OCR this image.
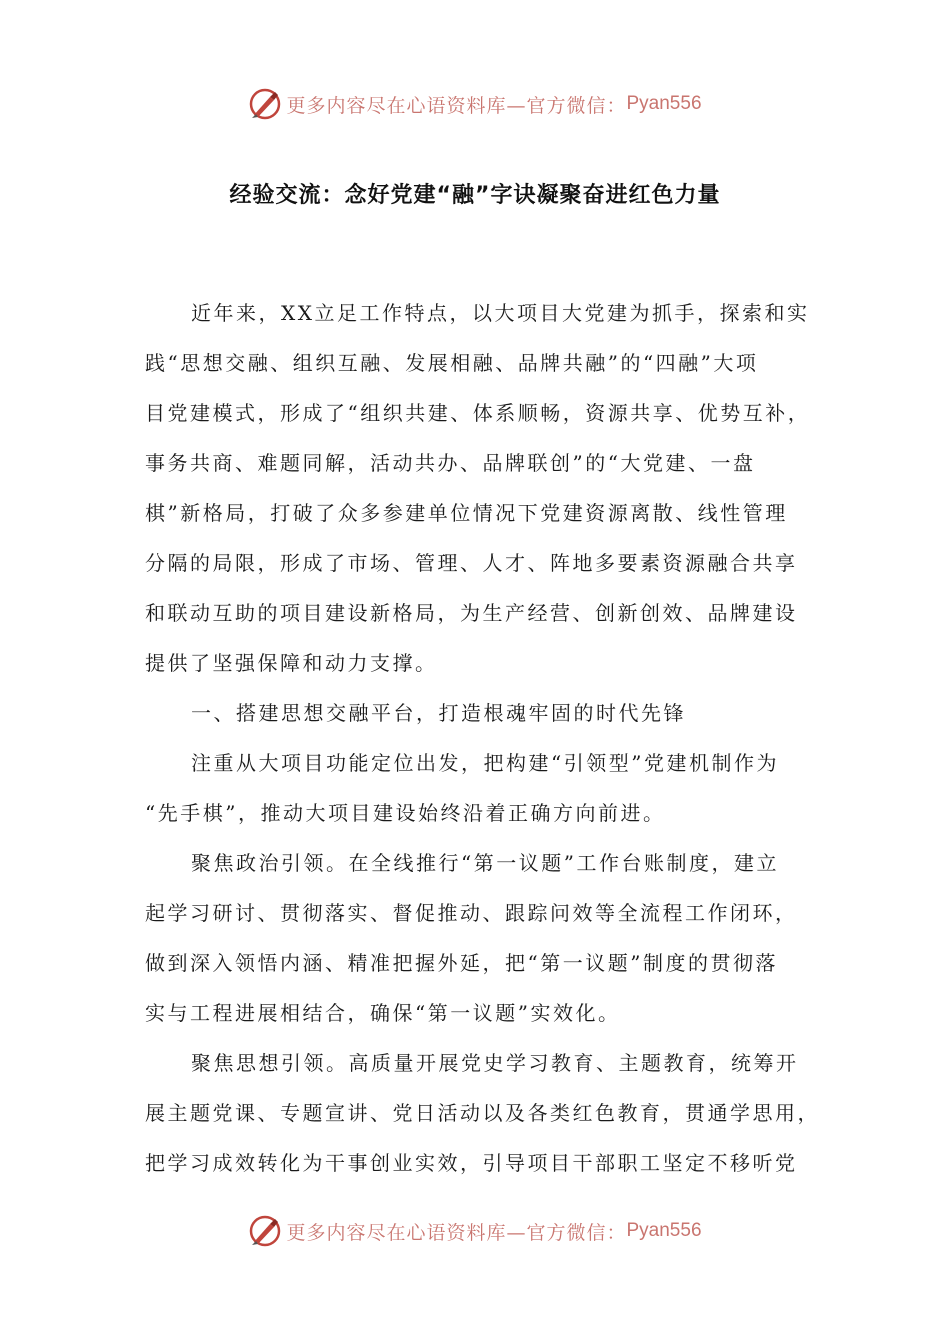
更多内容尽在心语资料库—官方微信： Pyan556
经验交流：念好党建“融”字诀凝聚奋进红色力量
近年来，XX立足工作特点，以大项目大党建为抓手，探索和实
践“思想交融、组织互融、发展相融、品牌共融”的“四融”大项
目党建模式，形成了“组织共建、体系顺畅，资源共享、优势互补，
事务共商、难题同解，活动共办、品牌联创”的“大党建、一盘
棋”新格局，打破了众多参建单位情况下党建资源离散、线性管理
分隔的局限，形成了市场、管理、人才、阵地多要素资源融合共享
和联动互助的项目建设新格局，为生产经营、创新创效、品牌建设
提供了坚强保障和动力支撑。
一、搭建思想交融平台，打造根魂牢固的时代先锋
注重从大项目功能定位出发，把构建“引领型”党建机制作为
“先手棋”，推动大项目建设始终沿着正确方向前进。
聚焦政治引领。在全线推行“第一议题”工作台账制度，建立
起学习研讨、贯彻落实、督促推动、跟踪问效等全流程工作闭环，
做到深入领悟内涵、精准把握外延，把“第一议题”制度的贯彻落
实与工程进展相结合，确保“第一议题”实效化。
聚焦思想引领。高质量开展党史学习教育、主题教育，统筹开
展主题党课、专题宣讲、党日活动以及各类红色教育，贯通学思用，
把学习成效转化为干事创业实效，引导项目干部职工坚定不移听党
更多内容尽在心语资料库—官方微信： Pyan556
